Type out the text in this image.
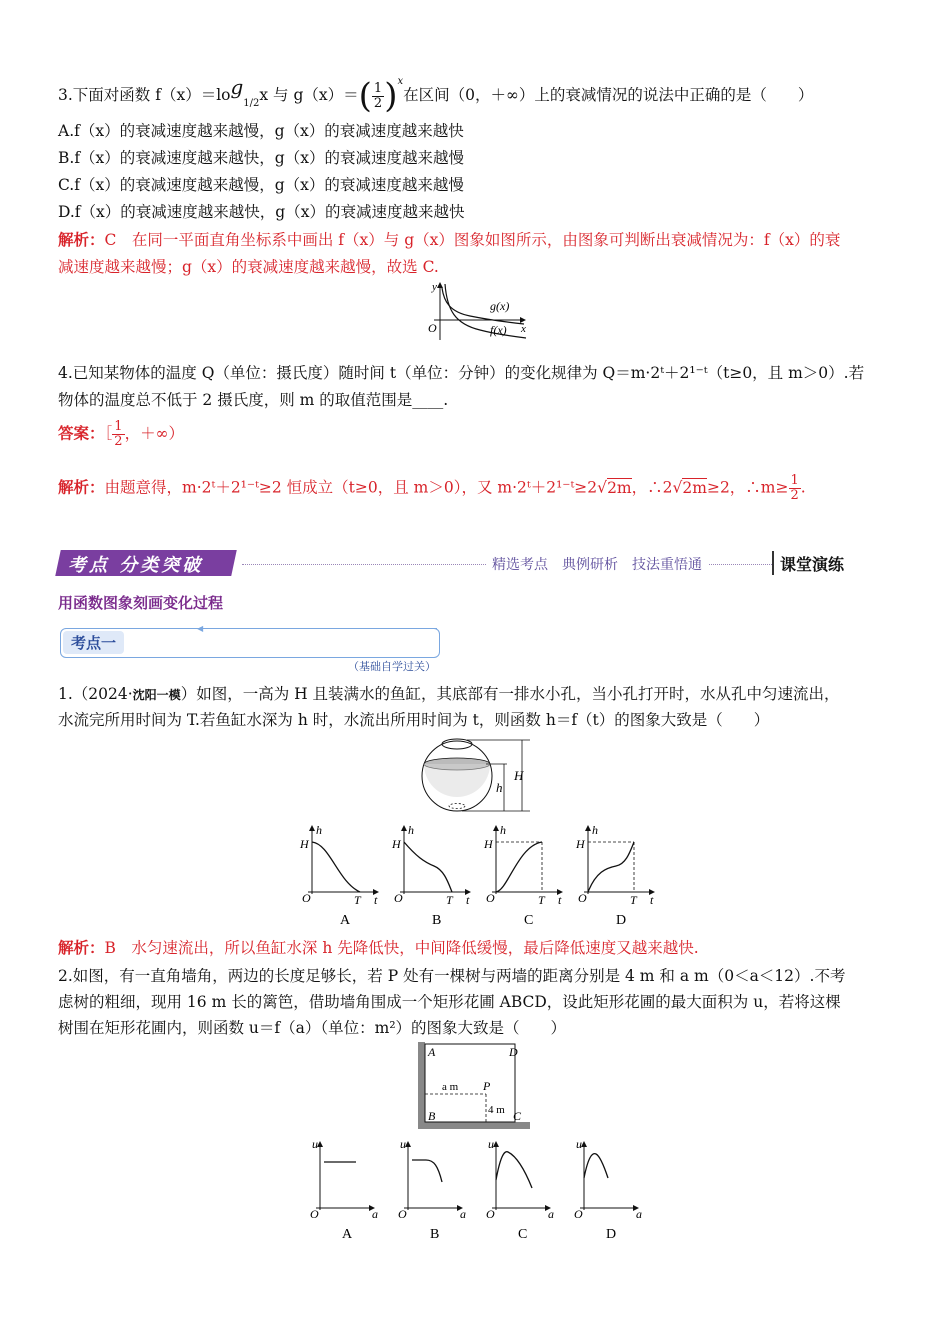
3.下面对函数 $f(x)=\log_{1/2}x$ 与 $g(x)=( \frac{1}{2} )^x$在区间（0，＋∞）上的衰减情况的说法中正确的是（　　）
A.f（x）的衰减速度越来越慢，g（x）的衰减速度越来越快
B.f（x）的衰减速度越来越快，g（x）的衰减速度越来越慢
C.f（x）的衰减速度越来越慢，g（x）的衰减速度越来越慢
D.f（x）的衰减速度越来越快，g（x）的衰减速度越来越快
解析：C　在同一平面直角坐标系中画出 f（x）与 g（x）图象如图所示，由图象可判断出衰减情况为：f（x）的衰
减速度越来越慢；g（x）的衰减速度越来越慢，故选 C.
y
x
O
g(x)
f(x)
4.已知某物体的温度 Q（单位：摄氏度）随时间 t（单位：分钟）的变化规律为 Q＝m·2ᵗ＋2¹⁻ᵗ（t≥0，且 m＞0）.若
物体的温度总不低于 2 摄氏度，则 m 的取值范围是____.
答案：［ $\frac{1}{2}$ ，＋∞）
解析：由题意得，m·2ᵗ＋2¹⁻ᵗ≥2 恒成立（t≥0，且 m＞0），又 m·2ᵗ＋2¹⁻ᵗ≥2√2m，∴2√2m≥2，∴m≥ $\frac{1}{2}$ .
考点 分类突破	精选考点　典例研析　技法重悟通	课堂演练
用函数图象刻画变化过程
考点一
◀
（基础自学过关）
1.（2024·沈阳一模）如图，一高为 H 且装满水的鱼缸，其底部有一排水小孔，当小孔打开时，水从孔中匀速流出，
水流完所用时间为 T.若鱼缸水深为 h 时，水流出所用时间为 t，则函数 h＝f（t）的图象大致是（　　）
H
h
h
H
O	T t
A
h
H
O	T t
B
h
H
O	T t
C
h
H
O	T t
D
解析：B　水匀速流出，所以鱼缸水深 h 先降低快，中间降低缓慢，最后降低速度又越来越快.
2.如图，有一直角墙角，两边的长度足够长，若 P 处有一棵树与两墙的距离分别是 4 m 和 a m（0＜a＜12）.不考
虑树的粗细，现用 16 m 长的篱笆，借助墙角围成一个矩形花圃 ABCD，设此矩形花圃的最大面积为 u，若将这棵
树围在矩形花圃内，则函数 u＝f（a）（单位：m²）的图象大致是（　　）
A	D
B	C
P
a m
4 m
u
O	a
A
u
O	a
B
u
O	a
C
u
O	a
D
